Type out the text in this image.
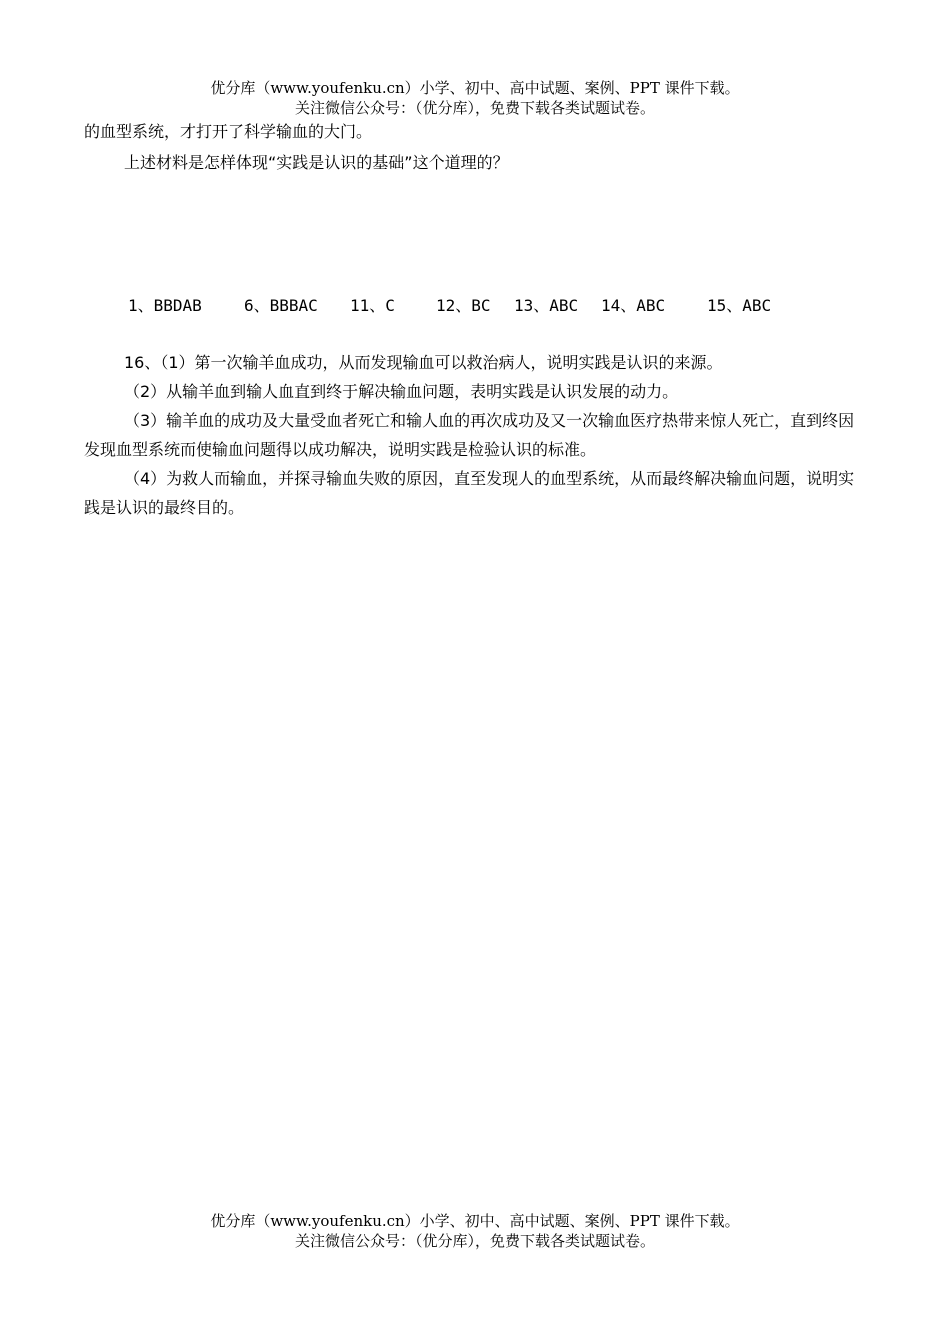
优分库（www.youfenku.cn）小学、初中、高中试题、案例、PPT 课件下载。
关注微信公众号：（优分库），免费下载各类试题试卷。

的血型系统，才打开了科学输血的大门。

上述材料是怎样体现“实践是认识的基础”这个道理的？

1、BBDAB	6、BBBAC 11、C	12、BC 13、ABC 14、ABC	15、ABC

16、（1）第一次输羊血成功，从而发现输血可以救治病人，说明实践是认识的来源。

（2）从输羊血到输人血直到终于解决输血问题，表明实践是认识发展的动力。

（3）输羊血的成功及大量受血者死亡和输人血的再次成功及又一次输血医疗热带来惊人死亡，直到终因发现血型系统而使输血问题得以成功解决，说明实践是检验认识的标准。

（4）为救人而输血，并探寻输血失败的原因，直至发现人的血型系统，从而最终解决输血问题，说明实践是认识的最终目的。

优分库（www.youfenku.cn）小学、初中、高中试题、案例、PPT 课件下载。
关注微信公众号：（优分库），免费下载各类试题试卷。
